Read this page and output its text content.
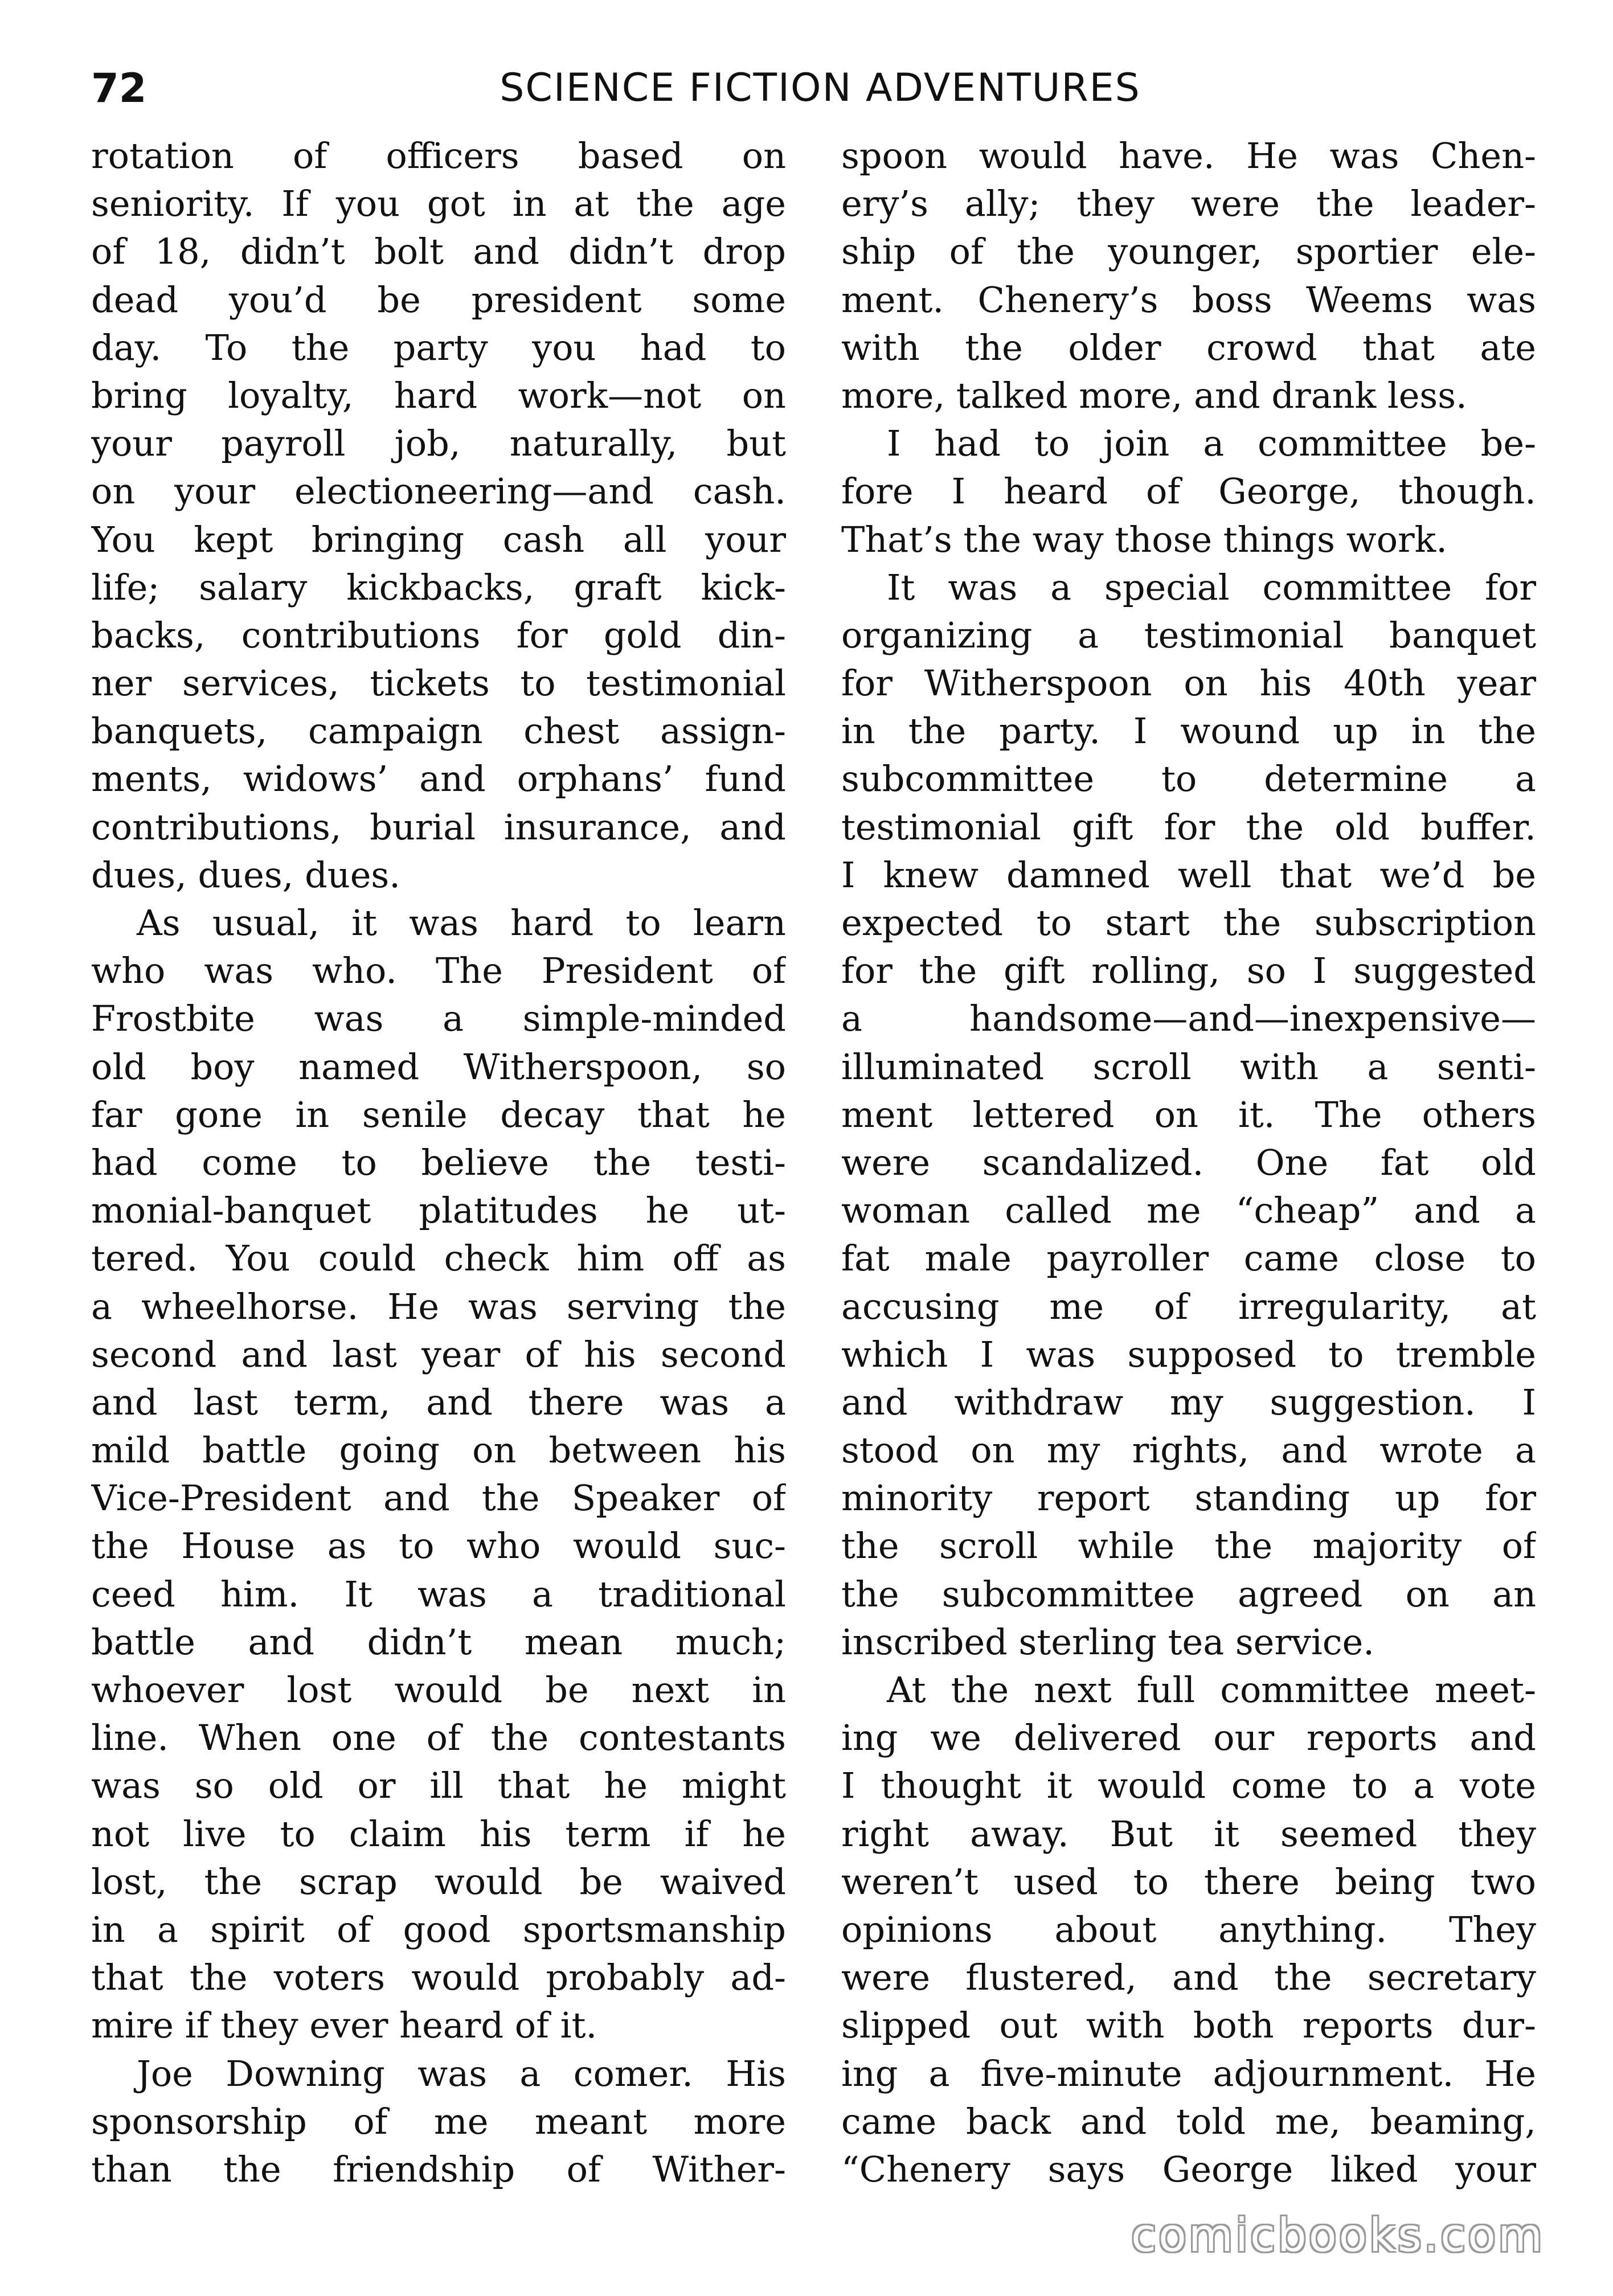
72	SCIENCE FICTION ADVENTURES
rotation of officers based on
seniority. If you got in at the age
of 18, didn’t bolt and didn’t drop
dead you’d be president some
day. To the party you had to
bring loyalty, hard work—not on
your payroll job, naturally, but
on your electioneering—and cash.
You kept bringing cash all your
life; salary kickbacks, graft kick-
backs, contributions for gold din-
ner services, tickets to testimonial
banquets, campaign chest assign-
ments, widows’ and orphans’ fund
contributions, burial insurance, and
dues, dues, dues.
As usual, it was hard to learn
who was who. The President of
Frostbite was a simple-minded
old boy named Witherspoon, so
far gone in senile decay that he
had come to believe the testi-
monial-banquet platitudes he ut-
tered. You could check him off as
a wheelhorse. He was serving the
second and last year of his second
and last term, and there was a
mild battle going on between his
Vice-President and the Speaker of
the House as to who would suc-
ceed him. It was a traditional
battle and didn’t mean much;
whoever lost would be next in
line. When one of the contestants
was so old or ill that he might
not live to claim his term if he
lost, the scrap would be waived
in a spirit of good sportsmanship
that the voters would probably ad-
mire if they ever heard of it.
Joe Downing was a comer. His
sponsorship of me meant more
than the friendship of Wither-
spoon would have. He was Chen-
ery’s ally; they were the leader-
ship of the younger, sportier ele-
ment. Chenery’s boss Weems was
with the older crowd that ate
more, talked more, and drank less.
I had to join a committee be-
fore I heard of George, though.
That’s the way those things work.
It was a special committee for
organizing a testimonial banquet
for Witherspoon on his 40th year
in the party. I wound up in the
subcommittee to determine a
testimonial gift for the old buffer.
I knew damned well that we’d be
expected to start the subscription
for the gift rolling, so I suggested
a handsome—and—inexpensive—
illuminated scroll with a senti-
ment lettered on it. The others
were scandalized. One fat old
woman called me “cheap” and a
fat male payroller came close to
accusing me of irregularity, at
which I was supposed to tremble
and withdraw my suggestion. I
stood on my rights, and wrote a
minority report standing up for
the scroll while the majority of
the subcommittee agreed on an
inscribed sterling tea service.
At the next full committee meet-
ing we delivered our reports and
I thought it would come to a vote
right away. But it seemed they
weren’t used to there being two
opinions about anything. They
were flustered, and the secretary
slipped out with both reports dur-
ing a five-minute adjournment. He
came back and told me, beaming,
“Chenery says George liked your
comicbooks.com
